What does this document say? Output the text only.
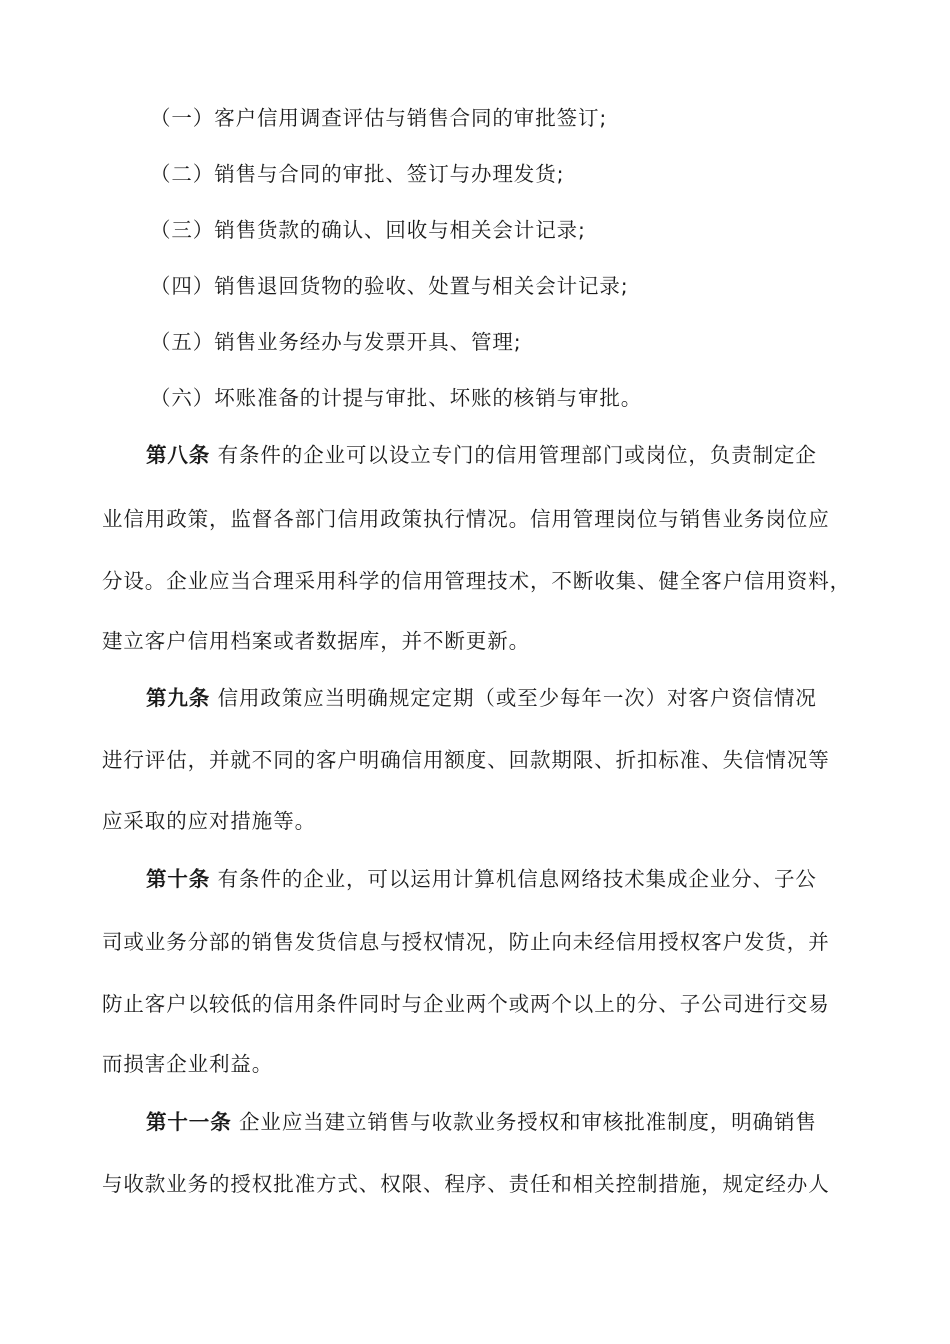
（一）客户信用调查评估与销售合同的审批签订;
（二）销售与合同的审批、签订与办理发货;
（三）销售货款的确认、回收与相关会计记录;
（四）销售退回货物的验收、处置与相关会计记录;
（五）销售业务经办与发票开具、管理;
（六）坏账准备的计提与审批、坏账的核销与审批。
第八条 有条件的企业可以设立专门的信用管理部门或岗位，负责制定企
业信用政策，监督各部门信用政策执行情况。信用管理岗位与销售业务岗位应
分设。企业应当合理采用科学的信用管理技术，不断收集、健全客户信用资料，
建立客户信用档案或者数据库，并不断更新。
第九条 信用政策应当明确规定定期（或至少每年一次）对客户资信情况
进行评估，并就不同的客户明确信用额度、回款期限、折扣标准、失信情况等
应采取的应对措施等。
第十条 有条件的企业，可以运用计算机信息网络技术集成企业分、子公
司或业务分部的销售发货信息与授权情况，防止向未经信用授权客户发货，并
防止客户以较低的信用条件同时与企业两个或两个以上的分、子公司进行交易
而损害企业利益。
第十一条 企业应当建立销售与收款业务授权和审核批准制度，明确销售
与收款业务的授权批准方式、权限、程序、责任和相关控制措施，规定经办人
